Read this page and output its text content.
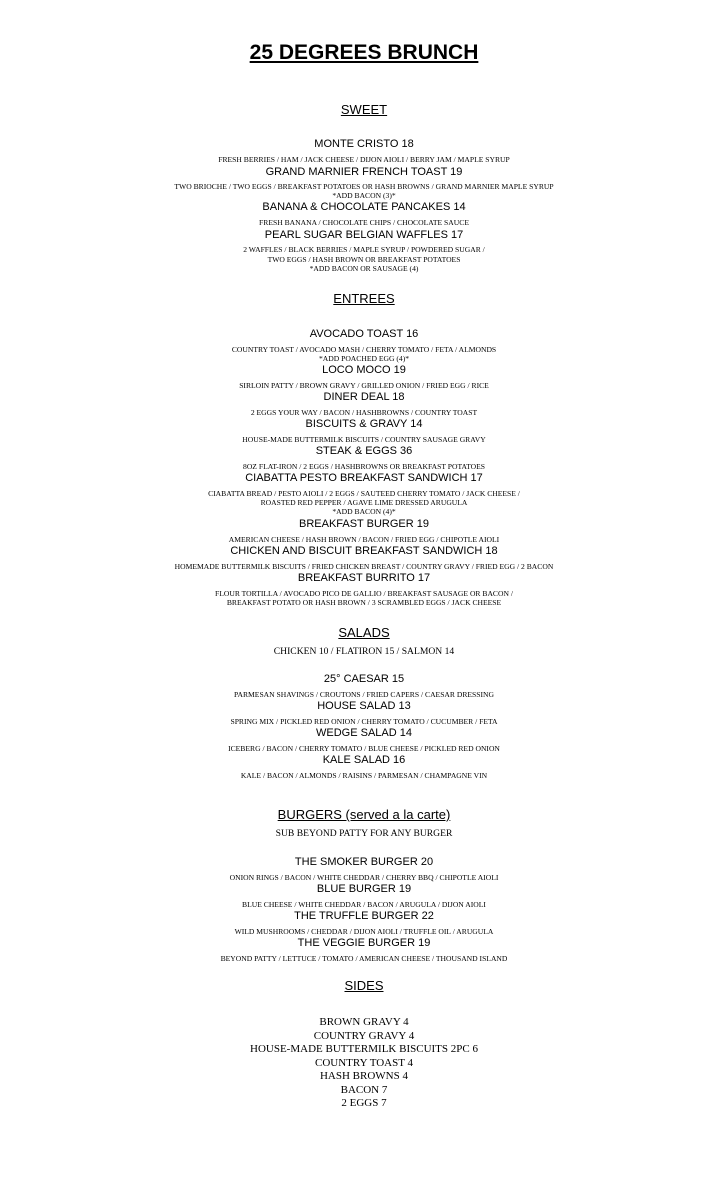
25 DEGREES BRUNCH
SWEET
MONTE CRISTO 18
FRESH BERRIES / HAM / JACK CHEESE / DIJON AIOLI / BERRY JAM / MAPLE SYRUP
GRAND MARNIER FRENCH TOAST 19
TWO BRIOCHE / TWO EGGS / BREAKFAST POTATOES OR HASH BROWNS / GRAND MARNIER MAPLE SYRUP
*ADD BACON (3)*
BANANA & CHOCOLATE PANCAKES 14
FRESH BANANA / CHOCOLATE CHIPS / CHOCOLATE SAUCE
PEARL SUGAR BELGIAN WAFFLES 17
2 WAFFLES / BLACK BERRIES / MAPLE SYRUP / POWDERED SUGAR /
TWO EGGS / HASH BROWN OR BREAKFAST POTATOES
*ADD BACON OR SAUSAGE (4)
ENTREES
AVOCADO TOAST 16
COUNTRY TOAST / AVOCADO MASH / CHERRY TOMATO / FETA / ALMONDS
*ADD POACHED EGG (4)*
LOCO MOCO 19
SIRLOIN PATTY / BROWN GRAVY / GRILLED ONION / FRIED EGG / RICE
DINER DEAL 18
2 EGGS YOUR WAY / BACON / HASHBROWNS / COUNTRY TOAST
BISCUITS & GRAVY 14
HOUSE-MADE BUTTERMILK BISCUITS / COUNTRY SAUSAGE GRAVY
STEAK & EGGS 36
8OZ FLAT-IRON / 2 EGGS / HASHBROWNS OR BREAKFAST POTATOES
CIABATTA PESTO BREAKFAST SANDWICH 17
CIABATTA BREAD / PESTO AIOLI / 2 EGGS / SAUTEED CHERRY TOMATO / JACK CHEESE /
ROASTED RED PEPPER / AGAVE LIME DRESSED ARUGULA
*ADD BACON (4)*
BREAKFAST BURGER 19
AMERICAN CHEESE / HASH BROWN / BACON / FRIED EGG / CHIPOTLE AIOLI
CHICKEN AND BISCUIT BREAKFAST SANDWICH 18
HOMEMADE BUTTERMILK BISCUITS / FRIED CHICKEN BREAST / COUNTRY GRAVY / FRIED EGG / 2 BACON
BREAKFAST BURRITO 17
FLOUR TORTILLA / AVOCADO PICO DE GALLIO / BREAKFAST SAUSAGE OR BACON /
BREAKFAST POTATO OR HASH BROWN / 3 SCRAMBLED EGGS / JACK CHEESE
SALADS
CHICKEN 10 / FLATIRON 15 / SALMON 14
25° CAESAR 15
PARMESAN SHAVINGS / CROUTONS / FRIED CAPERS / CAESAR DRESSING
HOUSE SALAD 13
SPRING MIX / PICKLED RED ONION / CHERRY TOMATO / CUCUMBER / FETA
WEDGE SALAD 14
ICEBERG / BACON / CHERRY TOMATO / BLUE CHEESE / PICKLED RED ONION
KALE SALAD 16
KALE / BACON / ALMONDS / RAISINS / PARMESAN / CHAMPAGNE VIN
BURGERS (served a la carte)
SUB BEYOND PATTY FOR ANY BURGER
THE SMOKER BURGER 20
ONION RINGS / BACON / WHITE CHEDDAR / CHERRY BBQ / CHIPOTLE AIOLI
BLUE BURGER 19
BLUE CHEESE / WHITE CHEDDAR / BACON / ARUGULA / DIJON AIOLI
THE TRUFFLE BURGER 22
WILD MUSHROOMS / CHEDDAR / DIJON AIOLI / TRUFFLE OIL / ARUGULA
THE VEGGIE BURGER 19
BEYOND PATTY / LETTUCE / TOMATO / AMERICAN CHEESE / THOUSAND ISLAND
SIDES
BROWN GRAVY 4
COUNTRY GRAVY 4
HOUSE-MADE BUTTERMILK BISCUITS 2PC 6
COUNTRY TOAST 4
HASH BROWNS 4
BACON 7
2 EGGS 7
